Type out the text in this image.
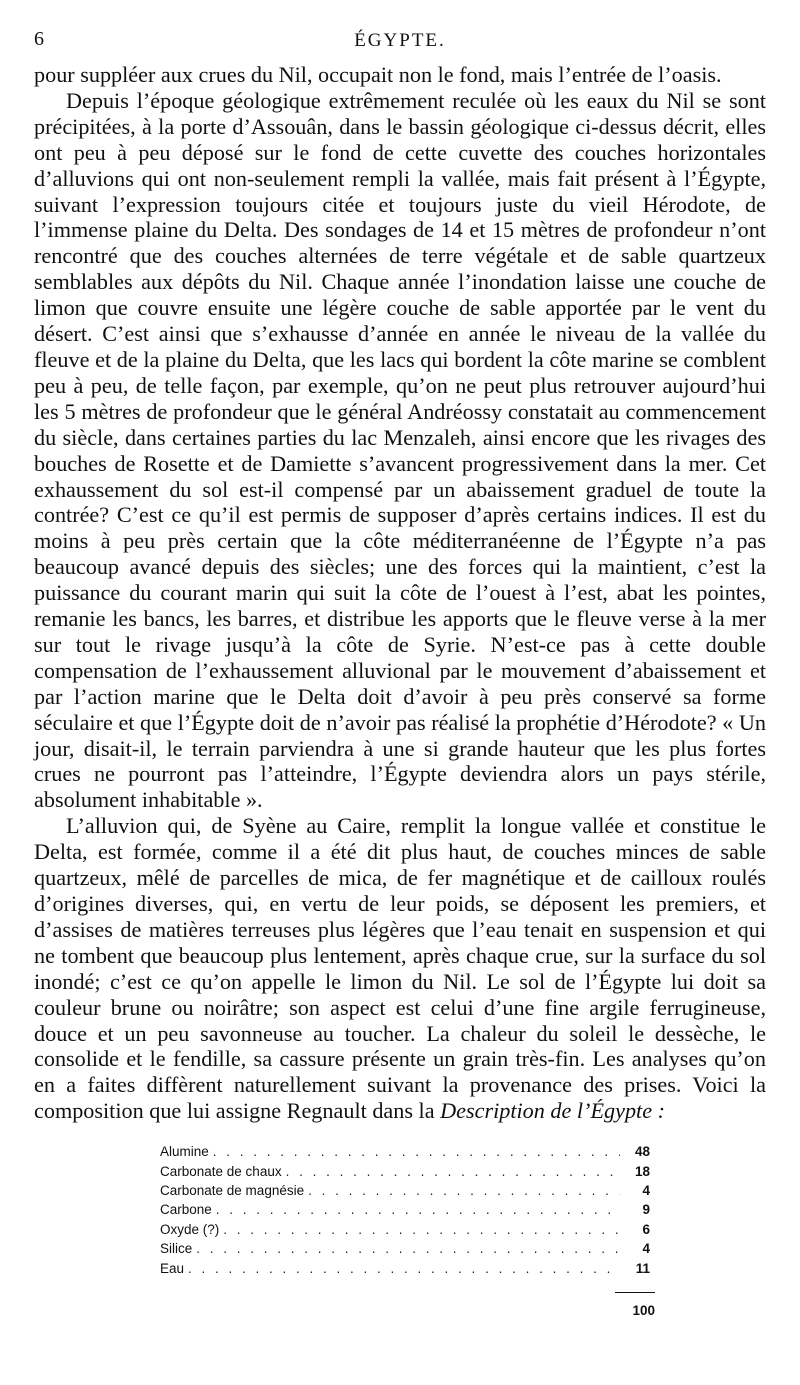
6	ÉGYPTE.

pour suppléer aux crues du Nil, occupait non le fond, mais l’entrée de l’oasis.

Depuis l’époque géologique extrêmement reculée où les eaux du Nil se sont précipitées, à la porte d’Assouân, dans le bassin géologique ci-dessus décrit, elles ont peu à peu déposé sur le fond de cette cuvette des couches horizontales d’alluvions qui ont non-seulement rempli la vallée, mais fait présent à l’Égypte, suivant l’expression toujours citée et toujours juste du vieil Hérodote, de l’immense plaine du Delta. Des sondages de 14 et 15 mètres de profondeur n’ont rencontré que des couches alternées de terre végétale et de sable quartzeux semblables aux dépôts du Nil. Chaque année l’inondation laisse une couche de limon que couvre ensuite une légère couche de sable apportée par le vent du désert. C’est ainsi que s’exhausse d’année en année le niveau de la vallée du fleuve et de la plaine du Delta, que les lacs qui bordent la côte marine se comblent peu à peu, de telle façon, par exemple, qu’on ne peut plus retrouver aujourd’hui les 5 mètres de profondeur que le général Andréossy constatait au commencement du siècle, dans certaines parties du lac Menzaleh, ainsi encore que les rivages des bouches de Rosette et de Damiette s’avancent progressivement dans la mer. Cet exhaussement du sol est-il compensé par un abaissement graduel de toute la contrée? C’est ce qu’il est permis de supposer d’après certains indices. Il est du moins à peu près certain que la côte méditerranéenne de l’Égypte n’a pas beaucoup avancé depuis des siècles; une des forces qui la maintient, c’est la puissance du courant marin qui suit la côte de l’ouest à l’est, abat les pointes, remanie les bancs, les barres, et distribue les apports que le fleuve verse à la mer sur tout le rivage jusqu’à la côte de Syrie. N’est-ce pas à cette double compensation de l’exhaussement alluvional par le mouvement d’abaissement et par l’action marine que le Delta doit d’avoir à peu près conservé sa forme séculaire et que l’Égypte doit de n’avoir pas réalisé la prophétie d’Hérodote? « Un jour, disait-il, le terrain parviendra à une si grande hauteur que les plus fortes crues ne pourront pas l’atteindre, l’Égypte deviendra alors un pays stérile, absolument inhabitable ».

L’alluvion qui, de Syène au Caire, remplit la longue vallée et constitue le Delta, est formée, comme il a été dit plus haut, de couches minces de sable quartzeux, mêlé de parcelles de mica, de fer magnétique et de cailloux roulés d’origines diverses, qui, en vertu de leur poids, se déposent les premiers, et d’assises de matières terreuses plus légères que l’eau tenait en suspension et qui ne tombent que beaucoup plus lentement, après chaque crue, sur la surface du sol inondé; c’est ce qu’on appelle le limon du Nil. Le sol de l’Égypte lui doit sa couleur brune ou noirâtre; son aspect est celui d’une fine argile ferrugineuse, douce et un peu savonneuse au toucher. La chaleur du soleil le dessèche, le consolide et le fendille, sa cassure présente un grain très-fin. Les analyses qu’on en a faites diffèrent naturellement suivant la provenance des prises. Voici la composition que lui assigne Regnault dans la Description de l’Égypte :

Alumine . . .	48
Carbonate de chaux . . .	18
Carbonate de magnésie . . .	4
Carbone . . .	9
Oxyde (?) . . .	6
Silice . . .	4
Eau . . .	11
100
